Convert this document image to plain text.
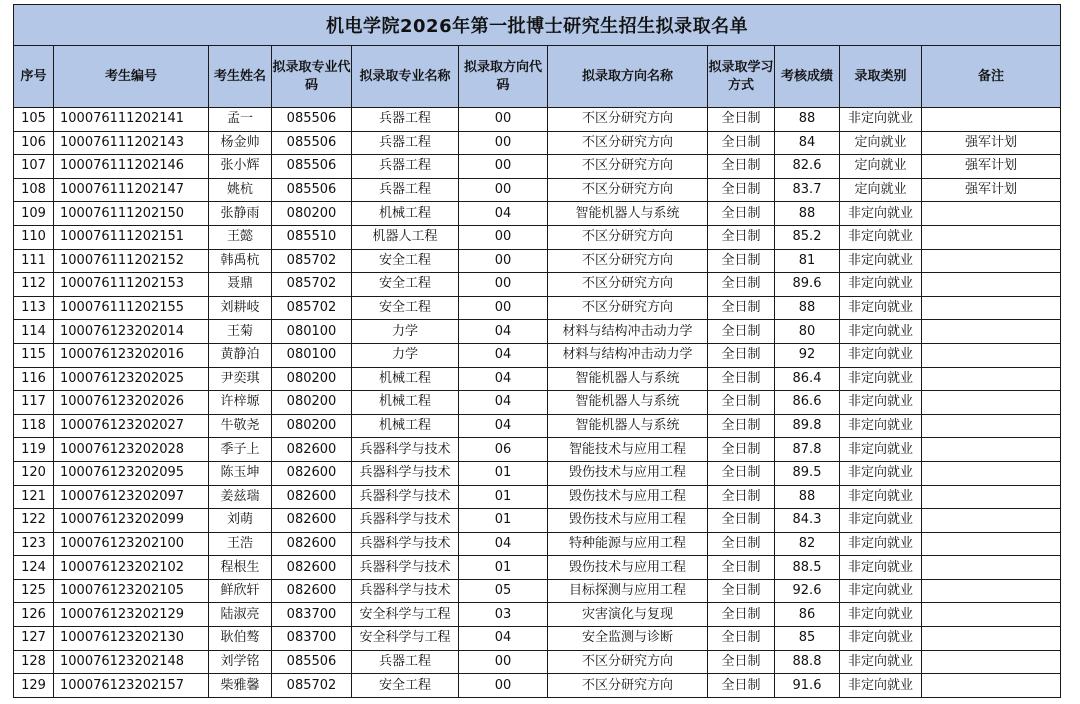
机电学院2026年第一批博士研究生招生拟录取名单										
序号	考生编号	考生姓名	拟录取专业代码	拟录取专业名称	拟录取方向代码	拟录取方向名称	拟录取学习方式	考核成绩	录取类别	备注
105	100076111202141	孟一	085506	兵器工程	00	不区分研究方向	全日制	88	非定向就业	
106	100076111202143	杨金帅	085506	兵器工程	00	不区分研究方向	全日制	84	定向就业	强军计划
107	100076111202146	张小辉	085506	兵器工程	00	不区分研究方向	全日制	82.6	定向就业	强军计划
108	100076111202147	姚杭	085506	兵器工程	00	不区分研究方向	全日制	83.7	定向就业	强军计划
109	100076111202150	张静雨	080200	机械工程	04	智能机器人与系统	全日制	88	非定向就业	
110	100076111202151	王懿	085510	机器人工程	00	不区分研究方向	全日制	85.2	非定向就业	
111	100076111202152	韩禹杭	085702	安全工程	00	不区分研究方向	全日制	81	非定向就业	
112	100076111202153	聂鼎	085702	安全工程	00	不区分研究方向	全日制	89.6	非定向就业	
113	100076111202155	刘耕岐	085702	安全工程	00	不区分研究方向	全日制	88	非定向就业	
114	100076123202014	王菊	080100	力学	04	材料与结构冲击动力学	全日制	80	非定向就业	
115	100076123202016	黄静泊	080100	力学	04	材料与结构冲击动力学	全日制	92	非定向就业	
116	100076123202025	尹奕琪	080200	机械工程	04	智能机器人与系统	全日制	86.4	非定向就业	
117	100076123202026	许梓塬	080200	机械工程	04	智能机器人与系统	全日制	86.6	非定向就业	
118	100076123202027	牛敬尧	080200	机械工程	04	智能机器人与系统	全日制	89.8	非定向就业	
119	100076123202028	季子上	082600	兵器科学与技术	06	智能技术与应用工程	全日制	87.8	非定向就业	
120	100076123202095	陈玉坤	082600	兵器科学与技术	01	毁伤技术与应用工程	全日制	89.5	非定向就业	
121	100076123202097	姜兹瑞	082600	兵器科学与技术	01	毁伤技术与应用工程	全日制	88	非定向就业	
122	100076123202099	刘萌	082600	兵器科学与技术	01	毁伤技术与应用工程	全日制	84.3	非定向就业	
123	100076123202100	王浩	082600	兵器科学与技术	04	特种能源与应用工程	全日制	82	非定向就业	
124	100076123202102	程根生	082600	兵器科学与技术	01	毁伤技术与应用工程	全日制	88.5	非定向就业	
125	100076123202105	鲜欣轩	082600	兵器科学与技术	05	目标探测与应用工程	全日制	92.6	非定向就业	
126	100076123202129	陆淑亮	083700	安全科学与工程	03	灾害演化与复现	全日制	86	非定向就业	
127	100076123202130	耿伯骜	083700	安全科学与工程	04	安全监测与诊断	全日制	85	非定向就业	
128	100076123202148	刘学铭	085506	兵器工程	00	不区分研究方向	全日制	88.8	非定向就业	
129	100076123202157	柴雅馨	085702	安全工程	00	不区分研究方向	全日制	91.6	非定向就业	
